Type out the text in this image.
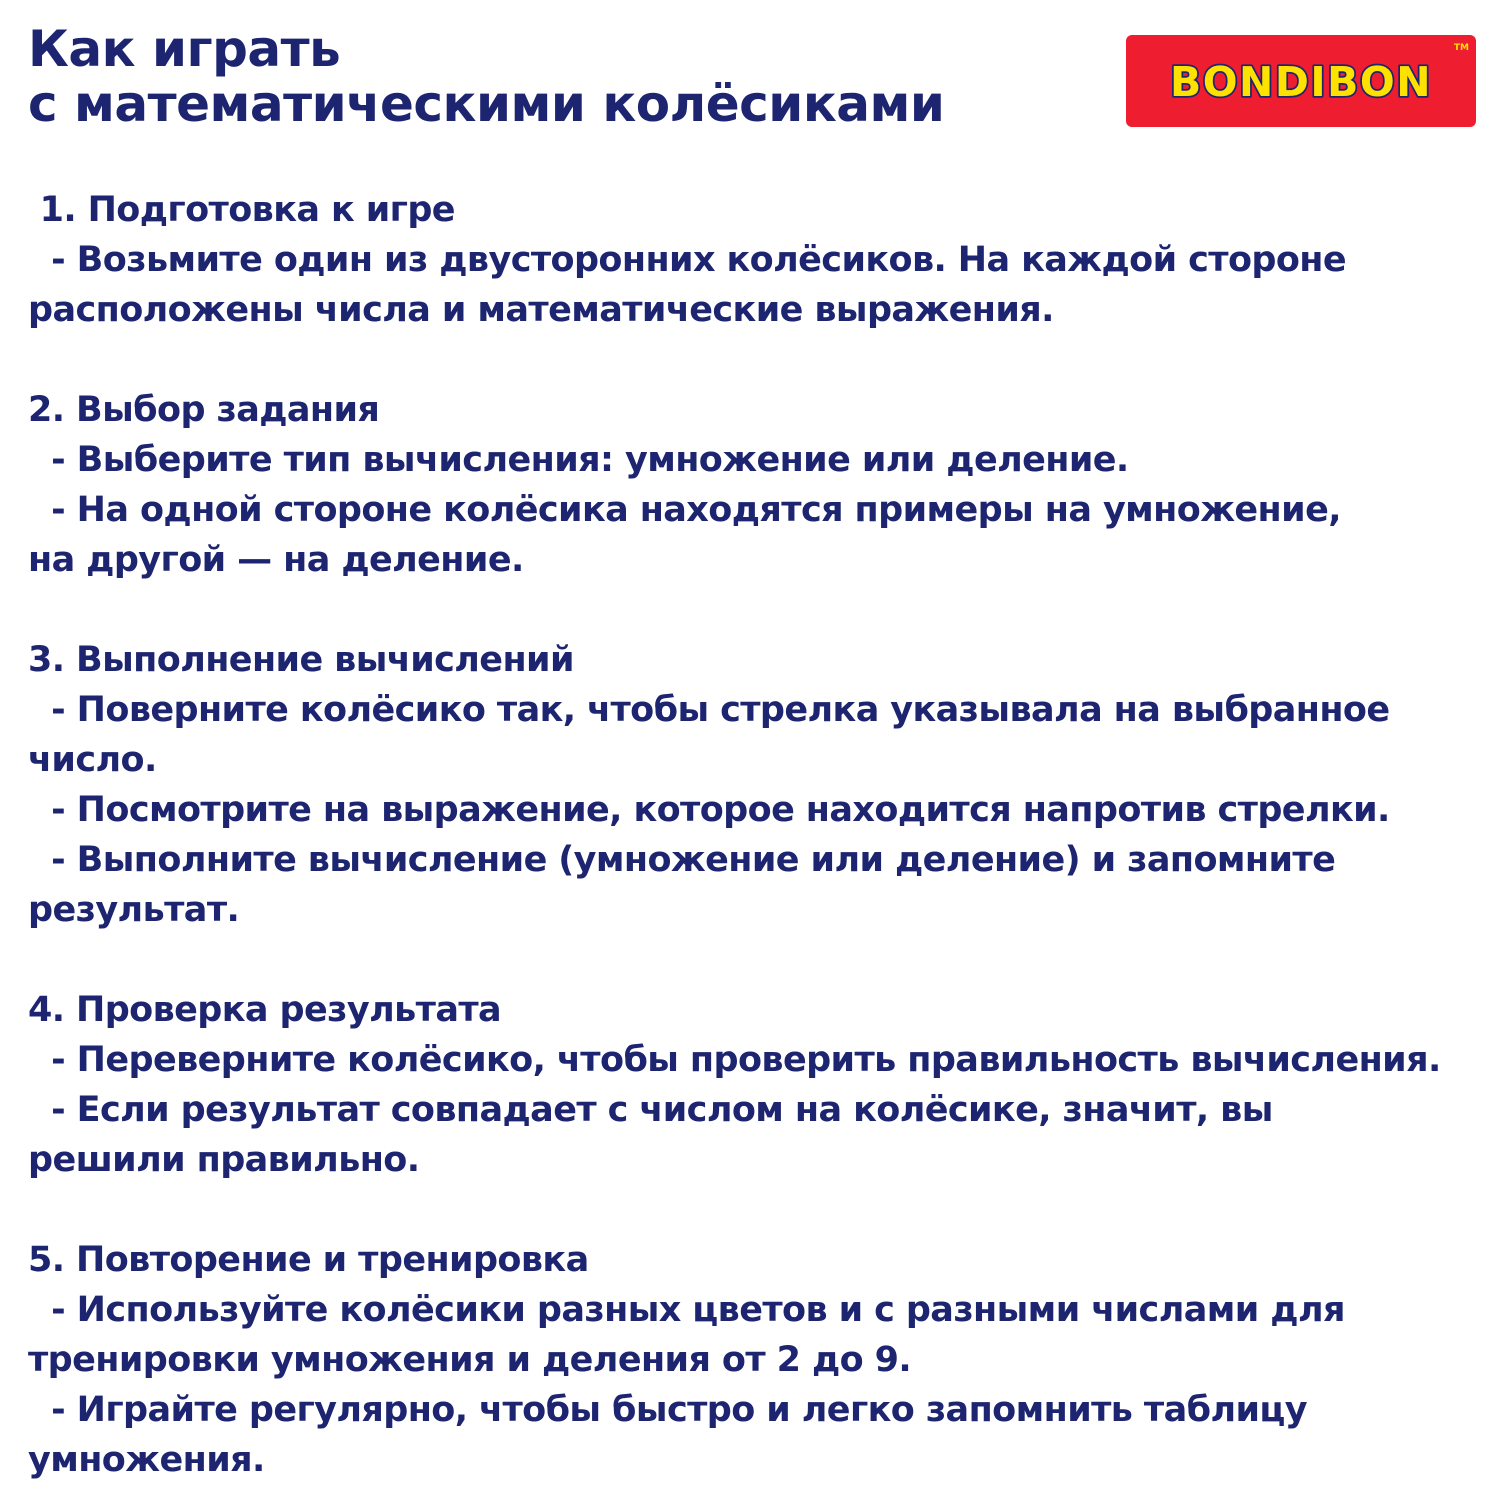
Как играть
с математическими колёсиками	BONDIBON
TM
1. Подготовка к игре
- Возьмите один из двусторонних колёсиков. На каждой стороне
расположены числа и математические выражения.
2. Выбор задания
- Выберите тип вычисления: умножение или деление.
- На одной стороне колёсика находятся примеры на умножение,
на другой — на деление.
3. Выполнение вычислений
- Поверните колёсико так, чтобы стрелка указывала на выбранное
число.
- Посмотрите на выражение, которое находится напротив стрелки.
- Выполните вычисление (умножение или деление) и запомните
результат.
4. Проверка результата
- Переверните колёсико, чтобы проверить правильность вычисления.
- Если результат совпадает с числом на колёсике, значит, вы
решили правильно.
5. Повторение и тренировка
- Используйте колёсики разных цветов и с разными числами для
тренировки умножения и деления от 2 до 9.
- Играйте регулярно, чтобы быстро и легко запомнить таблицу
умножения.
